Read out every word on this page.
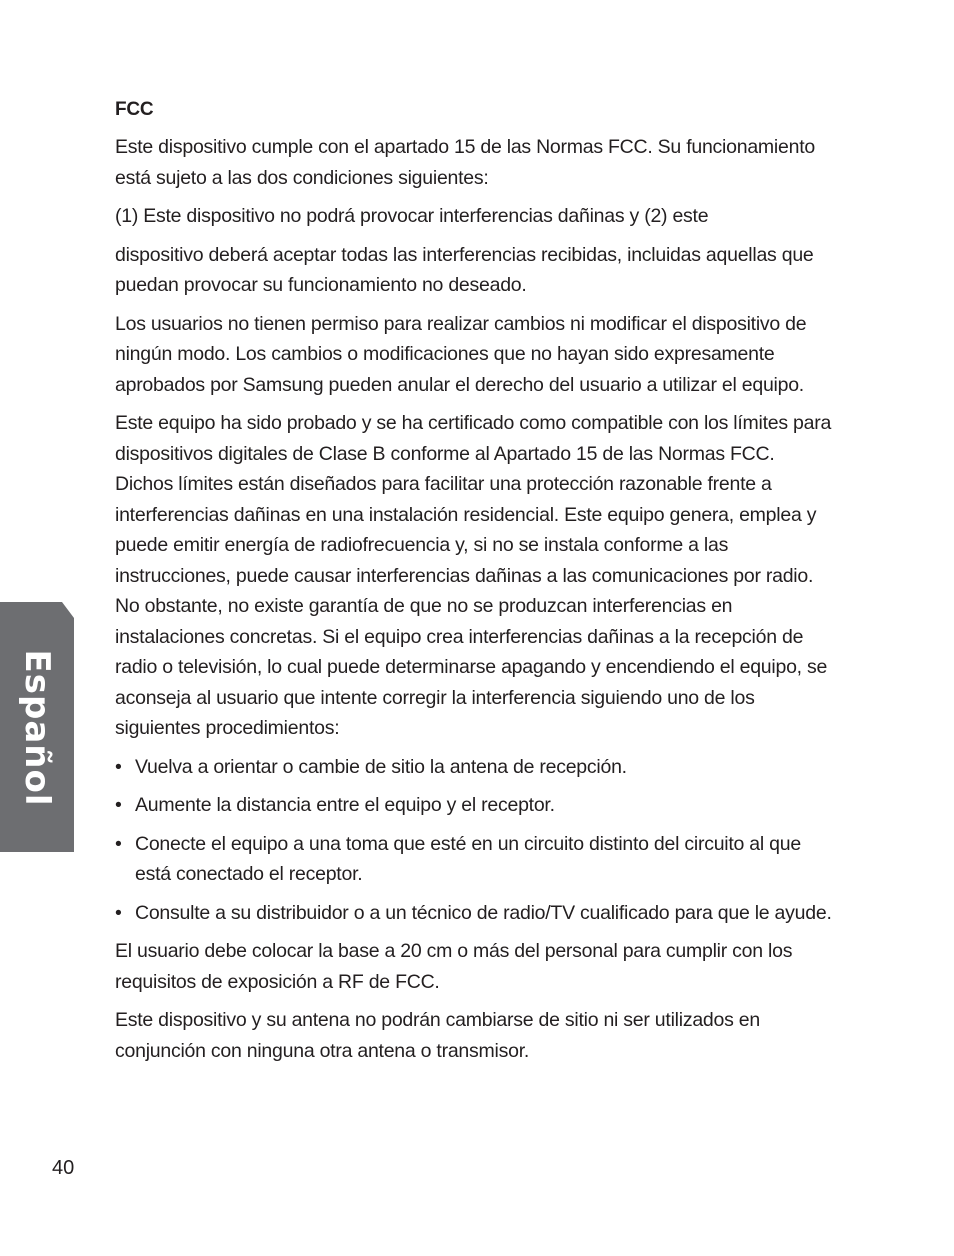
FCC

Este dispositivo cumple con el apartado 15 de las Normas FCC. Su funcionamiento está sujeto a las dos condiciones siguientes:

(1) Este dispositivo no podrá provocar interferencias dañinas y (2) este

dispositivo deberá aceptar todas las interferencias recibidas, incluidas aquellas que puedan provocar su funcionamiento no deseado.

Los usuarios no tienen permiso para realizar cambios ni modificar el dispositivo de ningún modo. Los cambios o modificaciones que no hayan sido expresamente aprobados por Samsung pueden anular el derecho del usuario a utilizar el equipo.

Este equipo ha sido probado y se ha certificado como compatible con los límites para dispositivos digitales de Clase B conforme al Apartado 15 de las Normas FCC. Dichos límites están diseñados para facilitar una protección razonable frente a interferencias dañinas en una instalación residencial. Este equipo genera, emplea y puede emitir energía de radiofrecuencia y, si no se instala conforme a las instrucciones, puede causar interferencias dañinas a las comunicaciones por radio. No obstante, no existe garantía de que no se produzcan interferencias en instalaciones concretas. Si el equipo crea interferencias dañinas a la recepción de radio o televisión, lo cual puede determinarse apagando y encendiendo el equipo, se aconseja al usuario que intente corregir la interferencia siguiendo uno de los siguientes procedimientos:

• Vuelva a orientar o cambie de sitio la antena de recepción.
• Aumente la distancia entre el equipo y el receptor.
• Conecte el equipo a una toma que esté en un circuito distinto del circuito al que está conectado el receptor.
• Consulte a su distribuidor o a un técnico de radio/TV cualificado para que le ayude.

El usuario debe colocar la base a 20 cm o más del personal para cumplir con los requisitos de exposición a RF de FCC.

Este dispositivo y su antena no podrán cambiarse de sitio ni ser utilizados en conjunción con ninguna otra antena o transmisor.

Español
40
